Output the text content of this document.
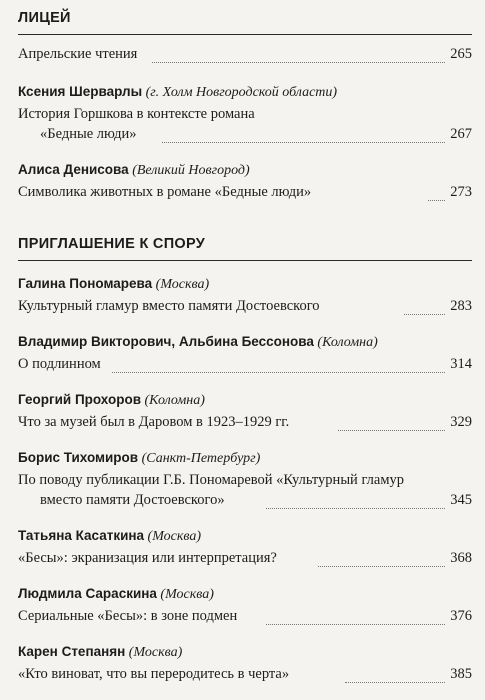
ЛИЦЕЙ
Апрельские чтения	265
Ксения Шерварлы (г. Холм Новгородской области)
История Горшкова в контексте романа
«Бедные люди»	267
Алиса Денисова (Великий Новгород)
Символика животных в романе «Бедные люди»	273
ПРИГЛАШЕНИЕ К СПОРУ
Галина Пономарева (Москва)
Культурный гламур вместо памяти Достоевского	283
Владимир Викторович, Альбина Бессонова (Коломна)
О подлинном	314
Георгий Прохоров (Коломна)
Что за музей был в Даровом в 1923–1929 гг.	329
Борис Тихомиров (Санкт-Петербург)
По поводу публикации Г.Б. Пономаревой «Культурный гламур
вместо памяти Достоевского»	345
Татьяна Касаткина (Москва)
«Бесы»: экранизация или интерпретация?	368
Людмила Сараскина (Москва)
Сериальные «Бесы»: в зоне подмен	376
Карен Степанян (Москва)
«Кто виноват, что вы переродитесь в черта»	385
